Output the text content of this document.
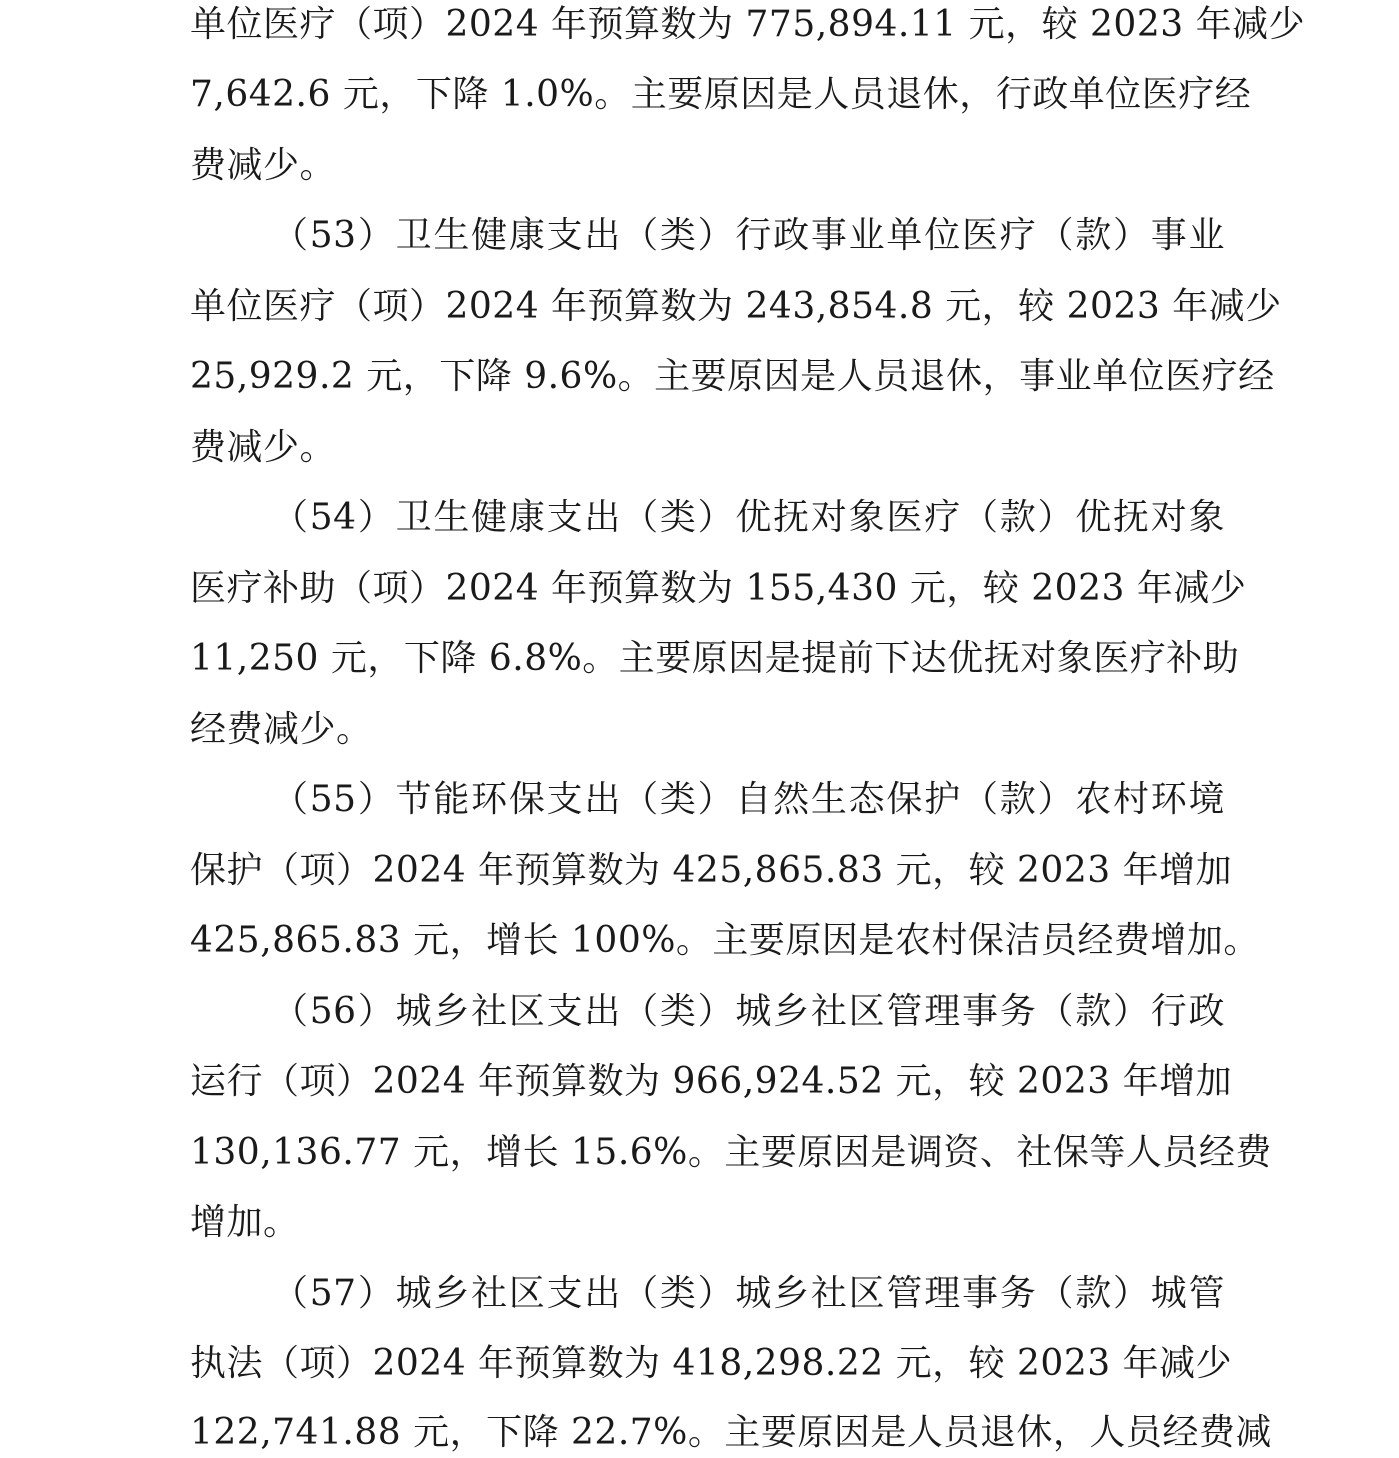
单位医疗（项）2024 年预算数为 775,894.11 元，较 2023 年减少
7,642.6 元，下降 1.0%。主要原因是人员退休，行政单位医疗经
费减少。
（53）卫生健康支出（类）行政事业单位医疗（款）事业
单位医疗（项）2024 年预算数为 243,854.8 元，较 2023 年减少
25,929.2 元，下降 9.6%。主要原因是人员退休，事业单位医疗经
费减少。
（54）卫生健康支出（类）优抚对象医疗（款）优抚对象
医疗补助（项）2024 年预算数为 155,430 元，较 2023 年减少
11,250 元，下降 6.8%。主要原因是提前下达优抚对象医疗补助
经费减少。
（55）节能环保支出（类）自然生态保护（款）农村环境
保护（项）2024 年预算数为 425,865.83 元，较 2023 年增加
425,865.83 元，增长 100%。主要原因是农村保洁员经费增加。
（56）城乡社区支出（类）城乡社区管理事务（款）行政
运行（项）2024 年预算数为 966,924.52 元，较 2023 年增加
130,136.77 元，增长 15.6%。主要原因是调资、社保等人员经费
增加。
（57）城乡社区支出（类）城乡社区管理事务（款）城管
执法（项）2024 年预算数为 418,298.22 元，较 2023 年减少
122,741.88 元，下降 22.7%。主要原因是人员退休，人员经费减
